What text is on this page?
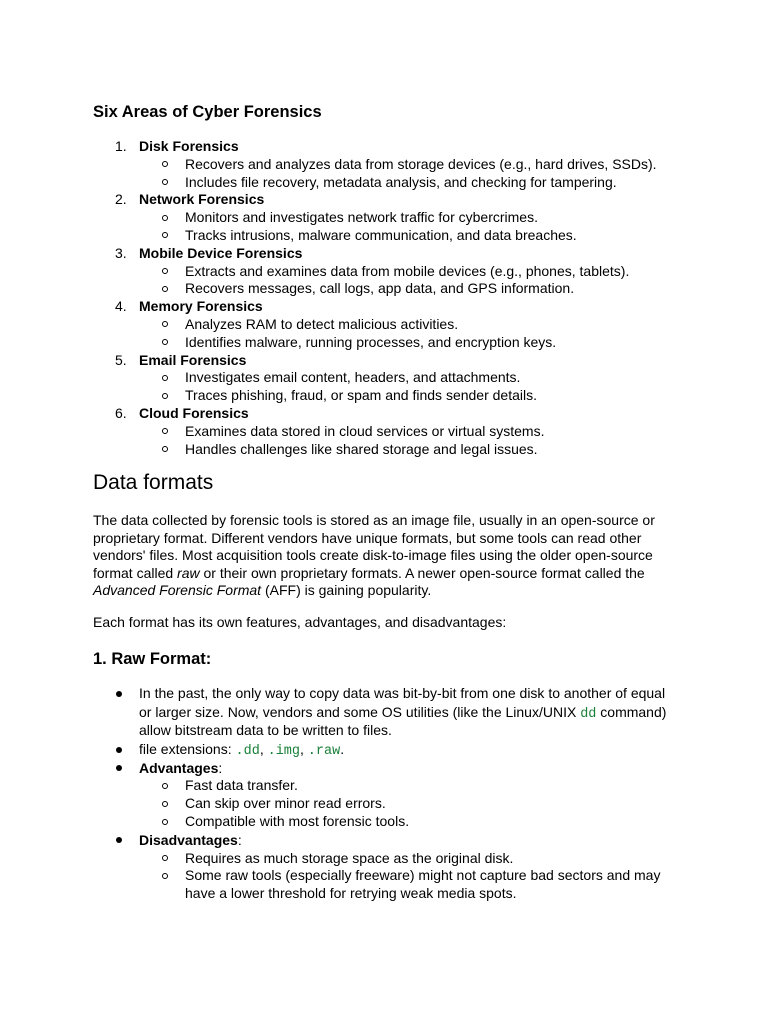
Six Areas of Cyber Forensics
1. Disk Forensics
Recovers and analyzes data from storage devices (e.g., hard drives, SSDs).
Includes file recovery, metadata analysis, and checking for tampering.
2. Network Forensics
Monitors and investigates network traffic for cybercrimes.
Tracks intrusions, malware communication, and data breaches.
3. Mobile Device Forensics
Extracts and examines data from mobile devices (e.g., phones, tablets).
Recovers messages, call logs, app data, and GPS information.
4. Memory Forensics
Analyzes RAM to detect malicious activities.
Identifies malware, running processes, and encryption keys.
5. Email Forensics
Investigates email content, headers, and attachments.
Traces phishing, fraud, or spam and finds sender details.
6. Cloud Forensics
Examines data stored in cloud services or virtual systems.
Handles challenges like shared storage and legal issues.
Data formats
The data collected by forensic tools is stored as an image file, usually in an open-source or
proprietary format. Different vendors have unique formats, but some tools can read other
vendors' files. Most acquisition tools create disk-to-image files using the older open-source
format called raw or their own proprietary formats. A newer open-source format called the
Advanced Forensic Format (AFF) is gaining popularity.

Each format has its own features, advantages, and disadvantages:

1. Raw Format:
In the past, the only way to copy data was bit-by-bit from one disk to another of equal
or larger size. Now, vendors and some OS utilities (like the Linux/UNIX dd command)
allow bitstream data to be written to files.
file extensions: .dd, .img, .raw.
Advantages:
Fast data transfer.
Can skip over minor read errors.
Compatible with most forensic tools.
Disadvantages:
Requires as much storage space as the original disk.
Some raw tools (especially freeware) might not capture bad sectors and may
have a lower threshold for retrying weak media spots.
